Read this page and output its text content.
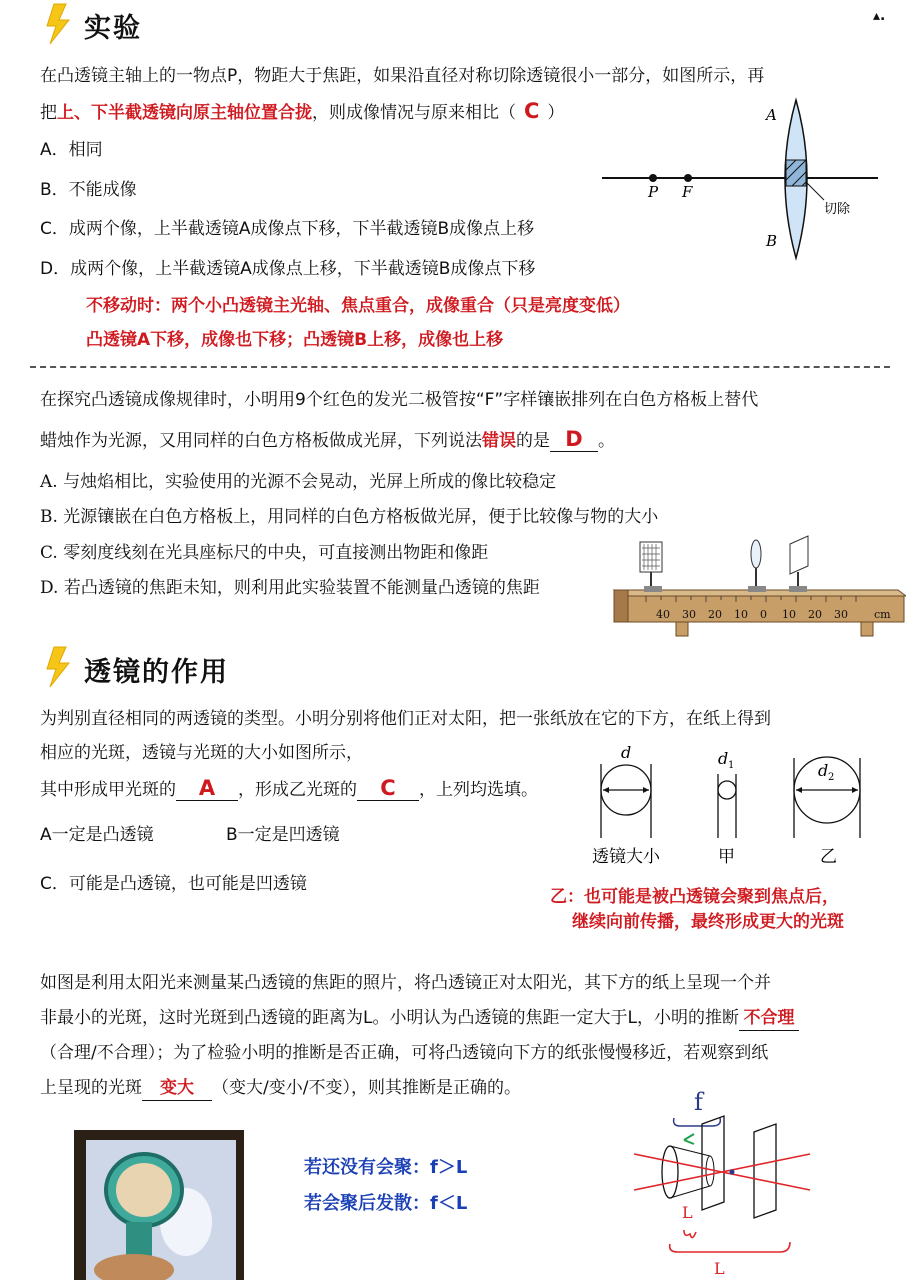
实验	▴.
在凸透镜主轴上的一物点P，物距大于焦距，如果沿直径对称切除透镜很小一部分，如图所示，再
把上、下半截透镜向原主轴位置合拢，则成像情况与原来相比（ C ）
A．相同
B．不能成像
C．成两个像，上半截透镜A成像点下移，下半截透镜B成像点上移
D．成两个像，上半截透镜A成像点上移，下半截透镜B成像点下移
不移动时：两个小凸透镜主光轴、焦点重合，成像重合（只是亮度变低）
凸透镜A下移，成像也下移；凸透镜B上移，成像也上移
A
B
P F
切除
在探究凸透镜成像规律时，小明用9个红色的发光二极管按“F”字样镶嵌排列在白色方格板上替代
蜡烛作为光源，又用同样的白色方格板做成光屏，下列说法错误的是 D 。
A. 与烛焰相比，实验使用的光源不会晃动，光屏上所成的像比较稳定
B. 光源镶嵌在白色方格板上，用同样的白色方格板做光屏，便于比较像与物的大小
C. 零刻度线刻在光具座标尺的中央，可直接测出物距和像距
D. 若凸透镜的焦距未知，则利用此实验装置不能测量凸透镜的焦距
40 30 20 10 0 10 20 30 cm
透镜的作用
为判别直径相同的两透镜的类型。小明分别将他们正对太阳，把一张纸放在它的下方，在纸上得到
相应的光斑，透镜与光斑的大小如图所示，
其中形成甲光斑的 A ，形成乙光斑的 C ，上列均选填。
A一定是凸透镜	B一定是凹透镜
C．可能是凸透镜，也可能是凹透镜
d	d 1	d 2
透镜大小	甲	乙
乙：也可能是被凸透镜会聚到焦点后，
继续向前传播，最终形成更大的光斑
如图是利用太阳光来测量某凸透镜的焦距的照片，将凸透镜正对太阳光，其下方的纸上呈现一个并
非最小的光斑，这时光斑到凸透镜的距离为L。小明认为凸透镜的焦距一定大于L，小明的推断 不合理
（合理/不合理）；为了检验小明的推断是否正确，可将凸透镜向下方的纸张慢慢移近，若观察到纸
上呈现的光斑 变大 （变大/变小/不变），则其推断是正确的。
若还没有会聚：f＞L
若会聚后发散：f＜L
f
L
L
